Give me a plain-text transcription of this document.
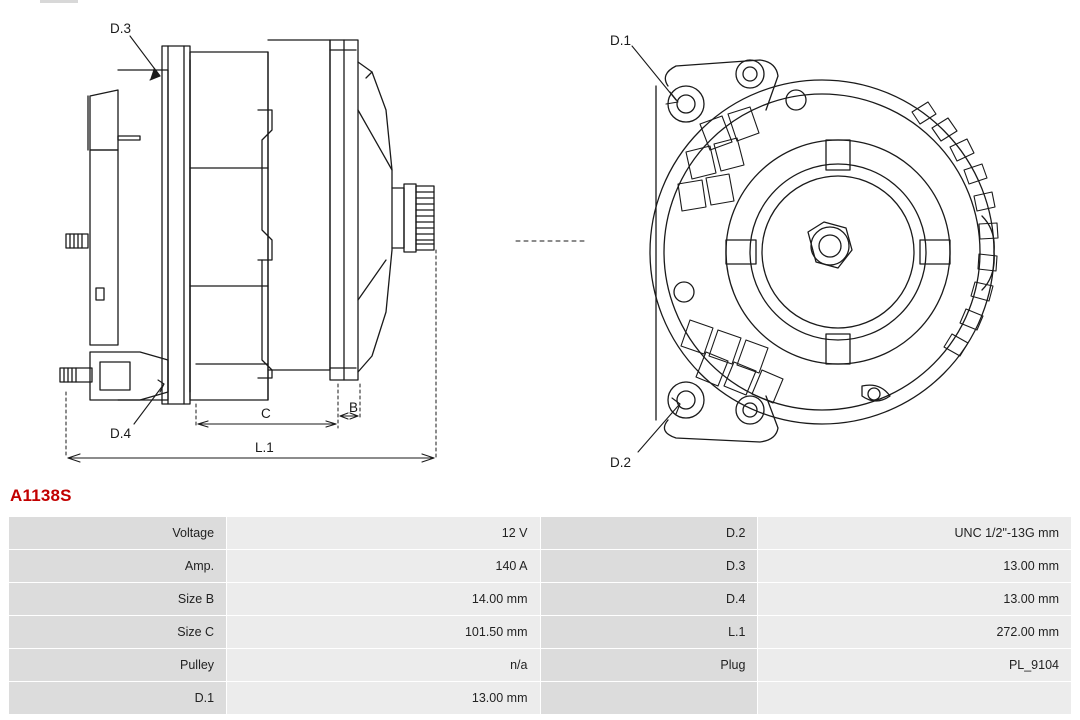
D.3
D.4
B
C
L.1
D.1
D.2
A1138S
Voltage	12 V	D.2	UNC 1/2"-13G mm
Amp.	140 A	D.3	13.00 mm
Size B	14.00 mm	D.4	13.00 mm
Size C	101.50 mm	L.1	272.00 mm
Pulley	n/a	Plug	PL_9104
D.1	13.00 mm		
